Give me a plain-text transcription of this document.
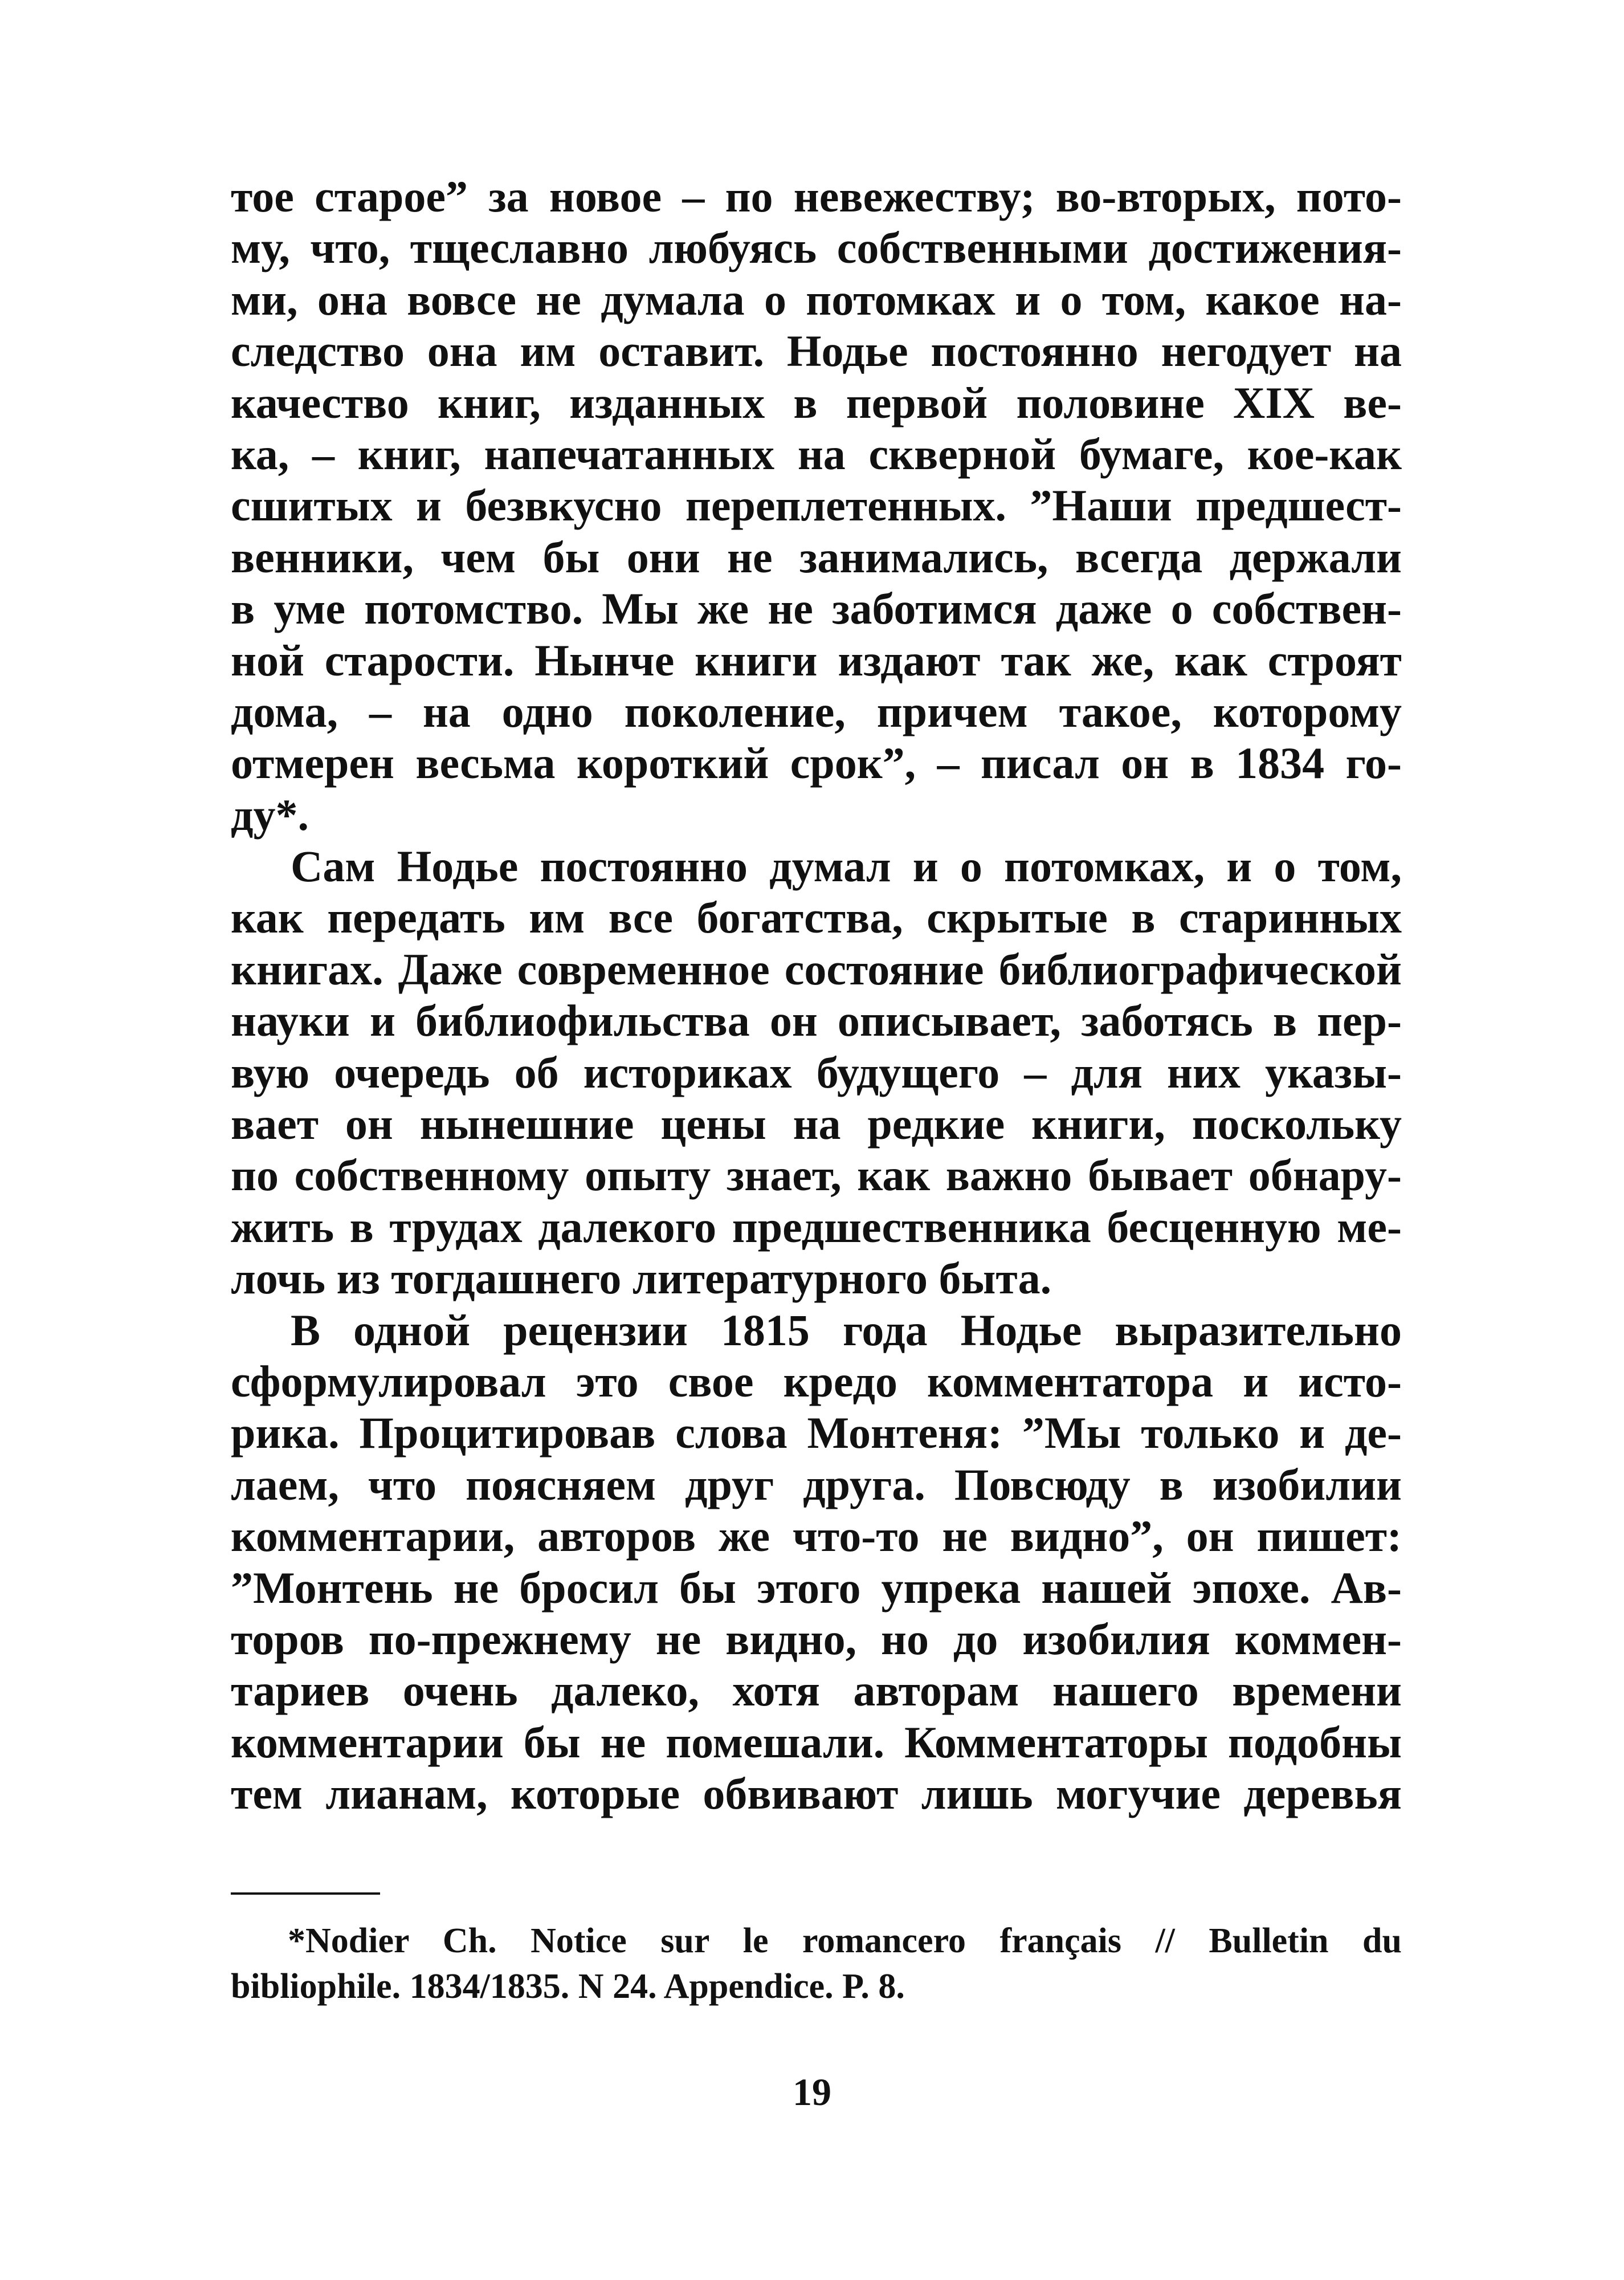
тое старое” за новое – по невежеству; во-вторых, пото-
му, что, тщеславно любуясь собственными достижения-
ми, она вовсе не думала о потомках и о том, какое на-
следство она им оставит. Нодье постоянно негодует на
качество книг, изданных в первой половине XIX ве-
ка, – книг, напечатанных на скверной бумаге, кое-как
сшитых и безвкусно переплетенных. ”Наши предшест-
венники, чем бы они не занимались, всегда держали
в уме потомство. Мы же не заботимся даже о собствен-
ной старости. Нынче книги издают так же, как строят
дома, – на одно поколение, причем такое, которому
отмерен весьма короткий срок”, – писал он в 1834 го-
ду*.
Сам Нодье постоянно думал и о потомках, и о том,
как передать им все богатства, скрытые в старинных
книгах. Даже современное состояние библиографической
науки и библиофильства он описывает, заботясь в пер-
вую очередь об историках будущего – для них указы-
вает он нынешние цены на редкие книги, поскольку
по собственному опыту знает, как важно бывает обнару-
жить в трудах далекого предшественника бесценную ме-
лочь из тогдашнего литературного быта.
В одной рецензии 1815 года Нодье выразительно
сформулировал это свое кредо комментатора и исто-
рика. Процитировав слова Монтеня: ”Мы только и де-
лаем, что поясняем друг друга. Повсюду в изобилии
комментарии, авторов же что-то не видно”, он пишет:
”Монтень не бросил бы этого упрека нашей эпохе. Ав-
торов по-прежнему не видно, но до изобилия коммен-
тариев очень далеко, хотя авторам нашего времени
комментарии бы не помешали. Комментаторы подобны
тем лианам, которые обвивают лишь могучие деревья
*Nodier Ch. Notice sur le romancero français // Bulletin du
bibliophile. 1834/1835. N 24. Appendice. P. 8.
19
